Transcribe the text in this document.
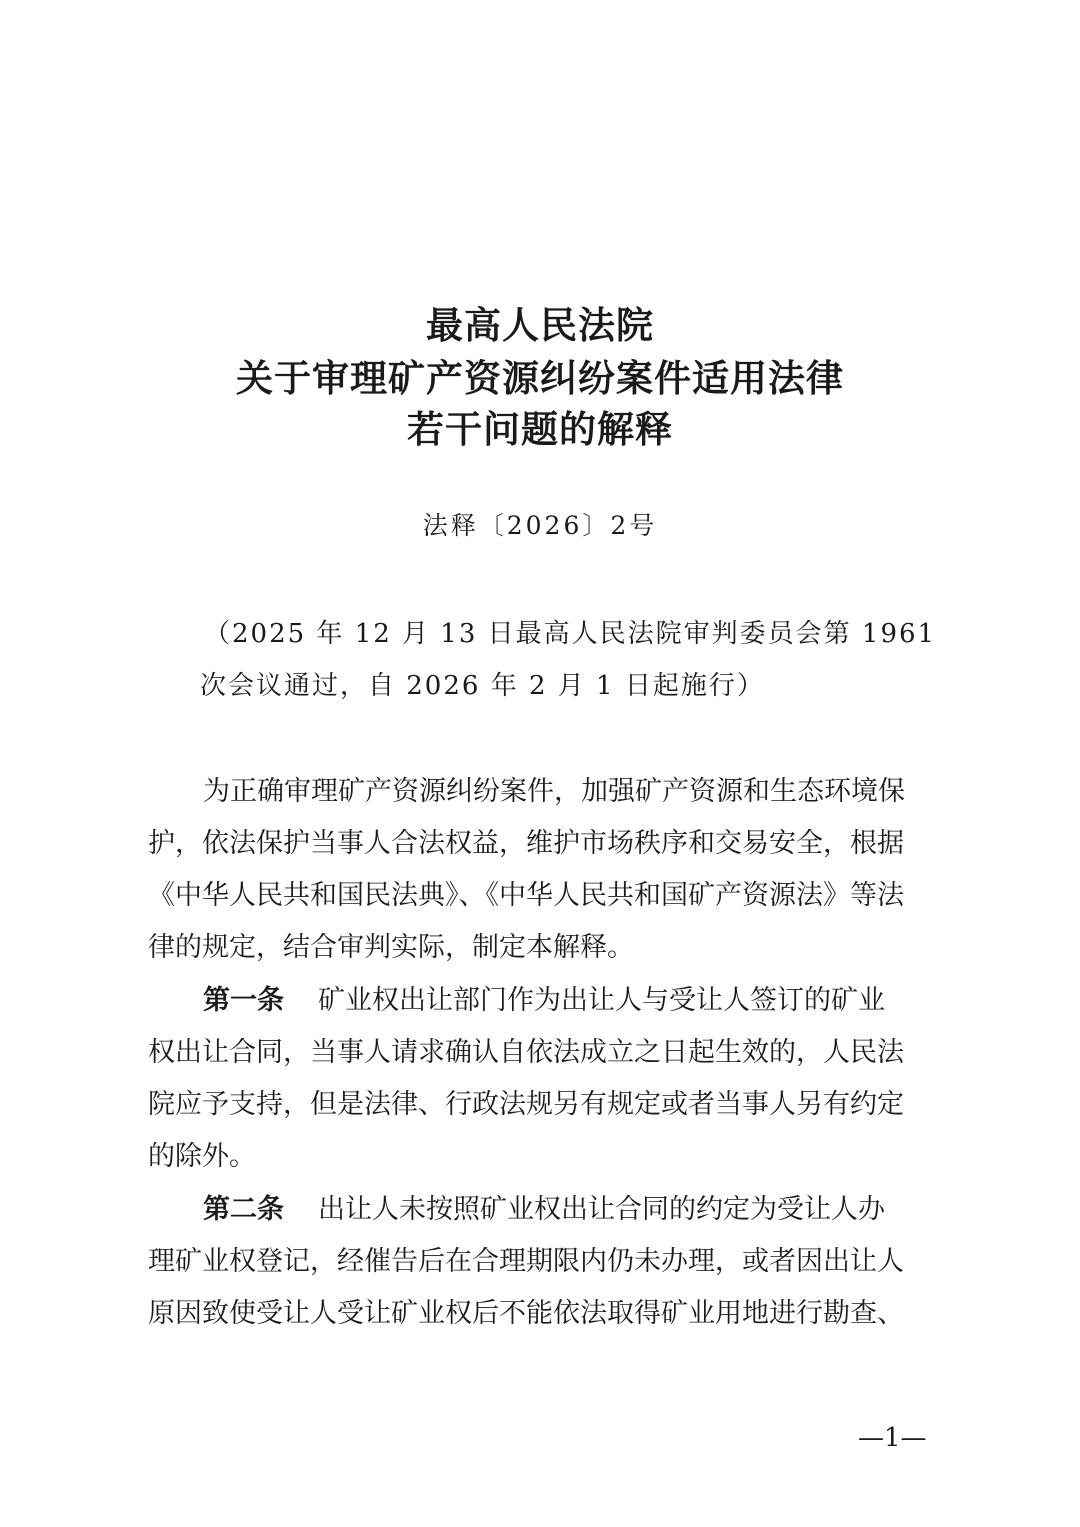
最高人民法院
关于审理矿产资源纠纷案件适用法律
若干问题的解释
法释〔2026〕2号
（2025 年 12 月 13 日最高人民法院审判委员会第 1961
次会议通过，自 2026 年 2 月 1 日起施行）
为正确审理矿产资源纠纷案件，加强矿产资源和生态环境保
护，依法保护当事人合法权益，维护市场秩序和交易安全，根据
《中华人民共和国民法典》、《中华人民共和国矿产资源法》等法
律的规定，结合审判实际，制定本解释。
第一条 矿业权出让部门作为出让人与受让人签订的矿业
权出让合同，当事人请求确认自依法成立之日起生效的，人民法
院应予支持，但是法律、行政法规另有规定或者当事人另有约定
的除外。
第二条 出让人未按照矿业权出让合同的约定为受让人办
理矿业权登记，经催告后在合理期限内仍未办理，或者因出让人
原因致使受让人受让矿业权后不能依法取得矿业用地进行勘查、
—1—
